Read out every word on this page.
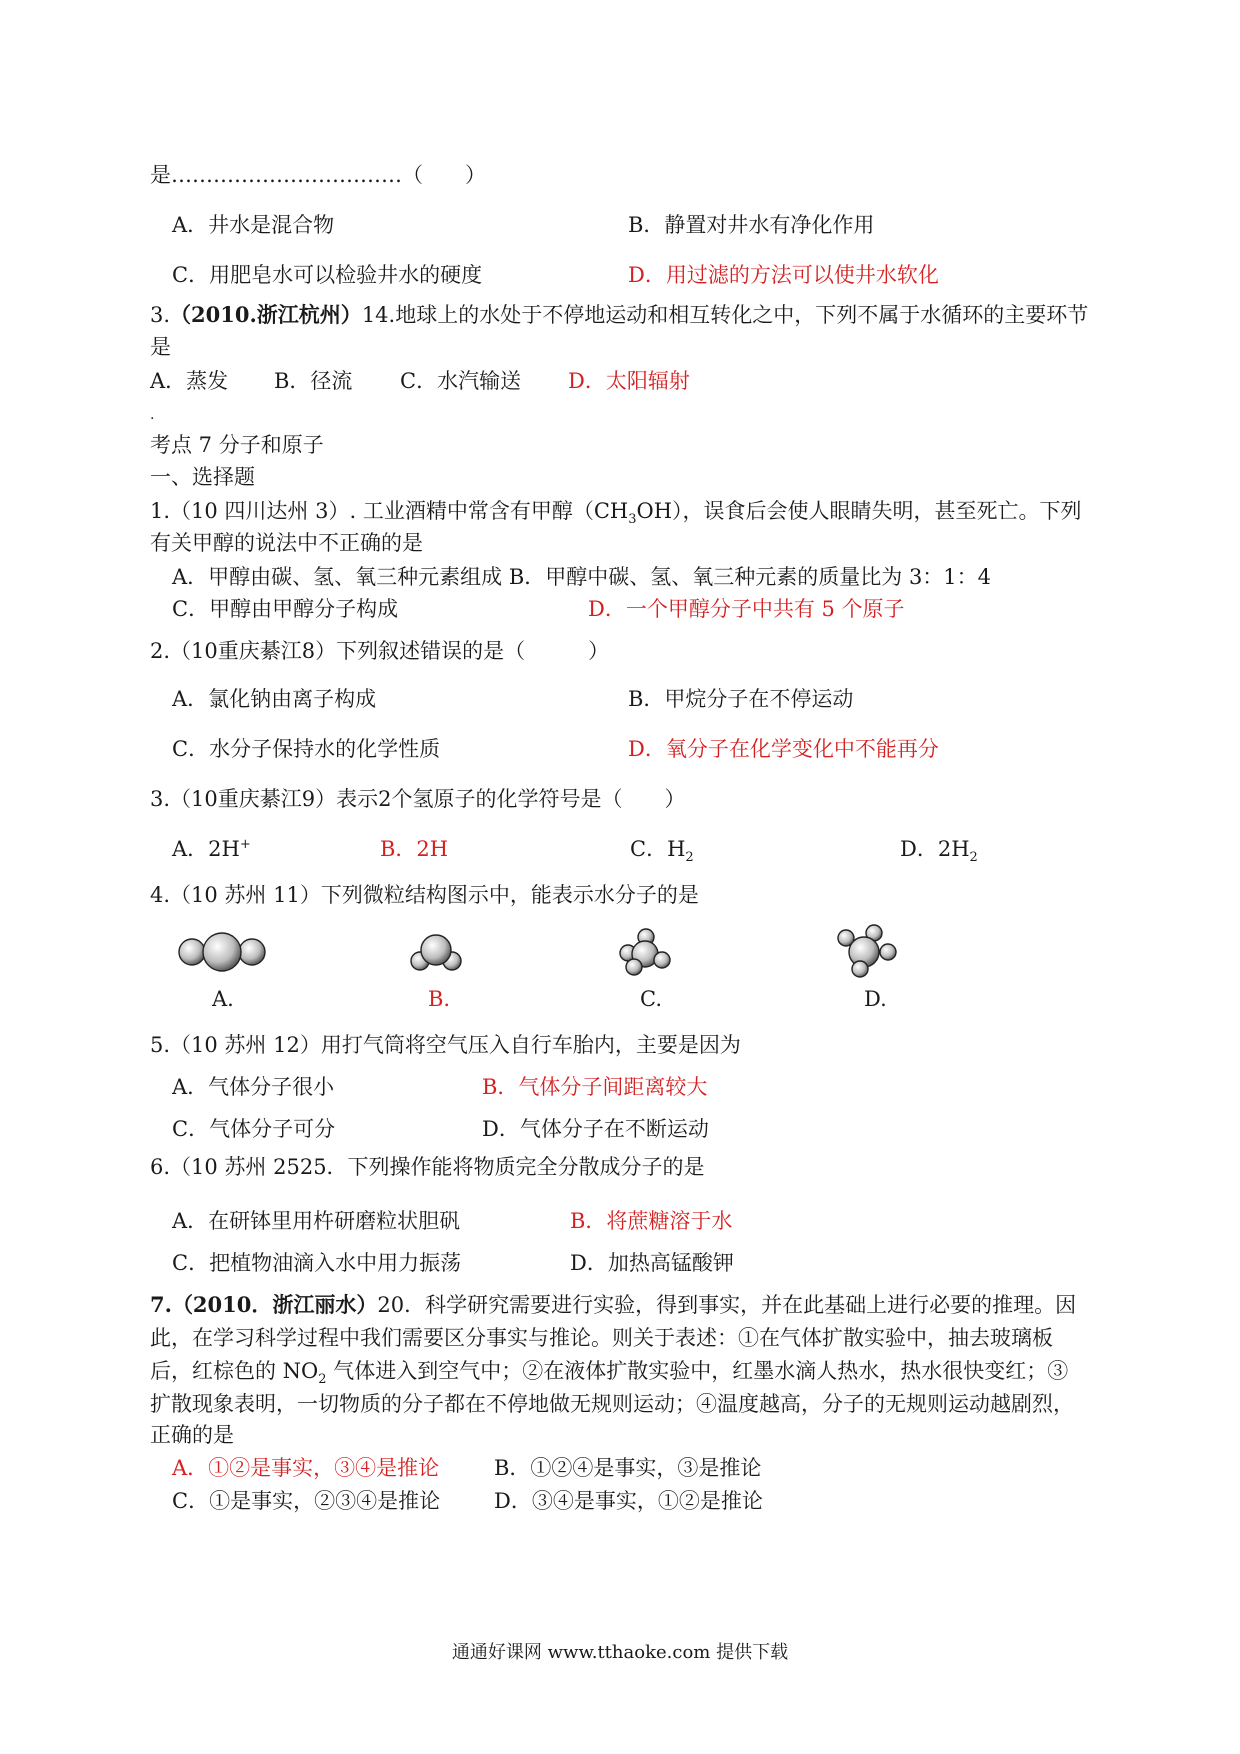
是……………………………（　　）
A．井水是混合物	B．静置对井水有净化作用
C．用肥皂水可以检验井水的硬度	D．用过滤的方法可以使井水软化
3.（2010.浙江杭州）14.地球上的水处于不停地运动和相互转化之中，下列不属于水循环的主要环节
是
A．蒸发 B．径流 C．水汽输送 D．太阳辐射
.
考点 7 分子和原子
一、选择题
1.（10 四川达州 3）. 工业酒精中常含有甲醇$(CH_3OH)$，误食后会使人眼睛失明，甚至死亡。下列
有关甲醇的说法中不正确的是
A．甲醇由碳、氢、氧三种元素组成 B．甲醇中碳、氢、氧三种元素的质量比为 3：1：4
C．甲醇由甲醇分子构成	D．一个甲醇分子中共有 5 个原子
2.（10重庆綦江8）下列叙述错误的是（　　　）
A．氯化钠由离子构成	B．甲烷分子在不停运动
C．水分子保持水的化学性质	D．氧分子在化学变化中不能再分
3.（10重庆綦江9）表示2个氢原子的化学符号是（　　）
A．2H+	B．2H	C．$H_2$	D．$2H_2$
4.（10 苏州 11）下列微粒结构图示中，能表示水分子的是
A.	B.	C.	D.
5.（10 苏州 12）用打气筒将空气压入自行车胎内，主要是因为
A．气体分子很小	B．气体分子间距离较大
C．气体分子可分	D．气体分子在不断运动
6.（10 苏州 2525．下列操作能将物质完全分散成分子的是
A．在研钵里用杵研磨粒状胆矾	B．将蔗糖溶于水
C．把植物油滴入水中用力振荡	D．加热高锰酸钾
7.（2010．浙江丽水）20．科学研究需要进行实验，得到事实，并在此基础上进行必要的推理。因
此，在学习科学过程中我们需要区分事实与推论。则关于表述：①在气体扩散实验中，抽去玻璃板
后，红棕色的 $NO_2$ 气体进入到空气中；②在液体扩散实验中，红墨水滴人热水，热水很快变红；③
扩散现象表明，一切物质的分子都在不停地做无规则运动；④温度越高，分子的无规则运动越剧烈，
正确的是
A．①②是事实，③④是推论	B．①②④是事实，③是推论
C．①是事实，②③④是推论	D．③④是事实，①②是推论
通通好课网 www.tthaoke.com 提供下载
